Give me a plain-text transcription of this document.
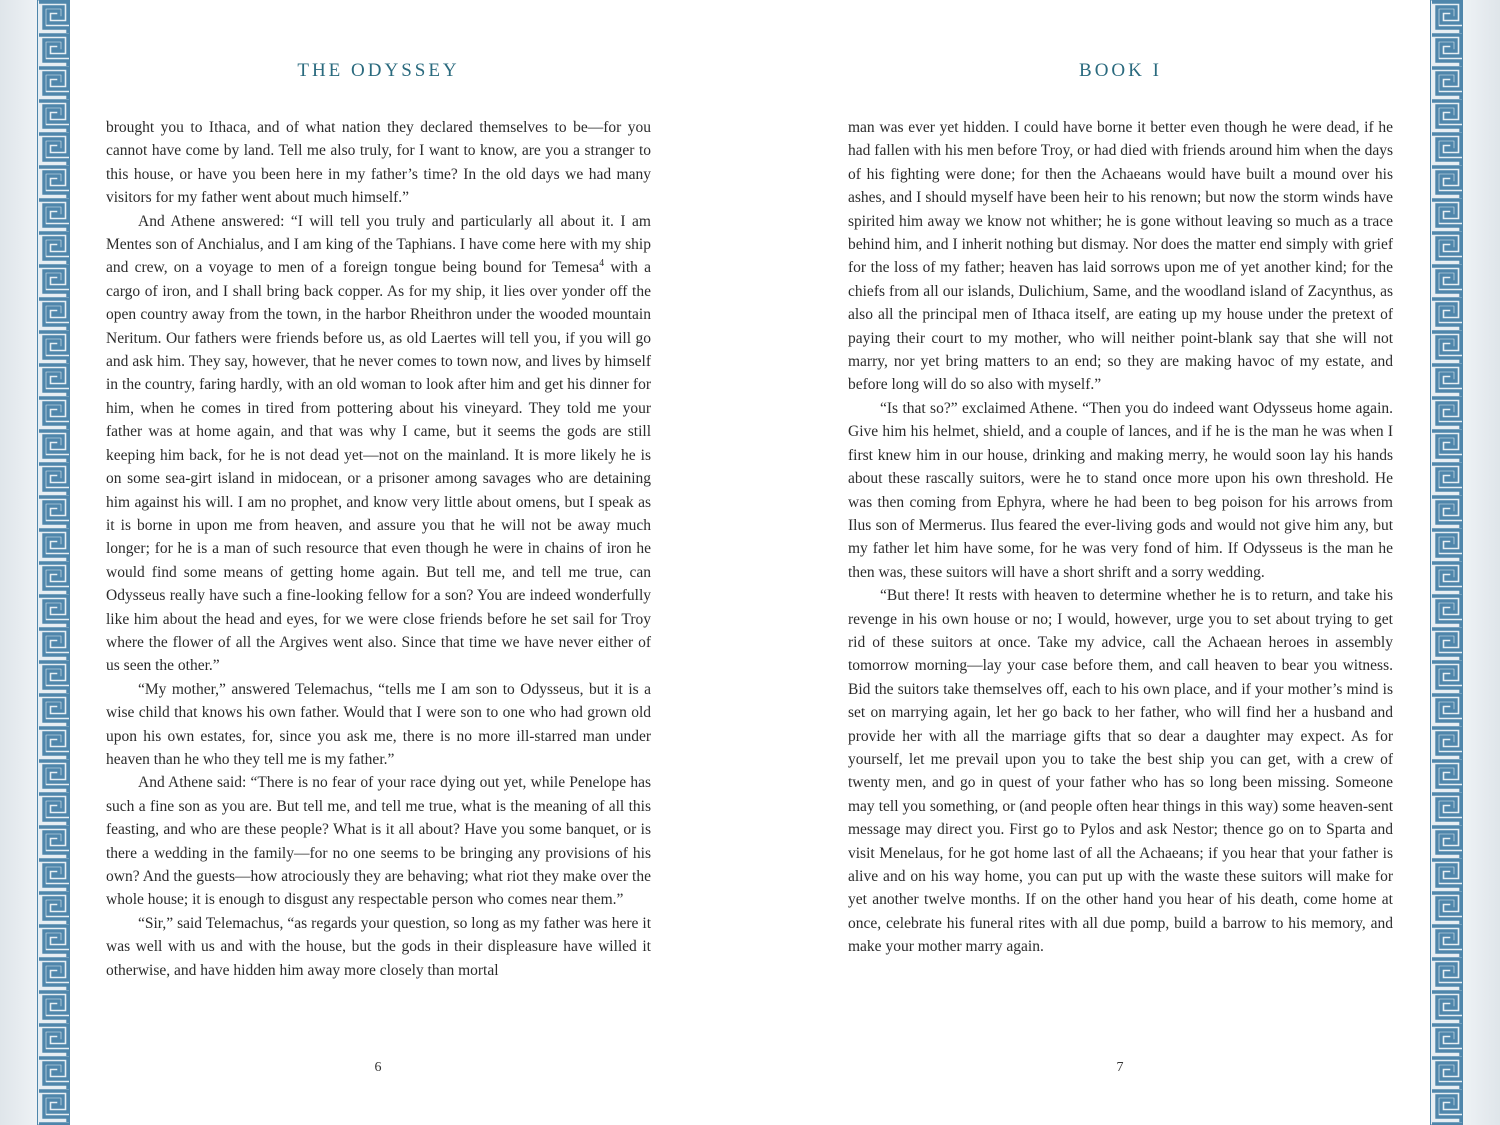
THE ODYSSEY	BOOK I

brought you to Ithaca, and of what nation they declared themselves to be—for you cannot have come by land. Tell me also truly, for I want to know, are you a stranger to this house, or have you been here in my father’s time? In the old days we had many visitors for my father went about much himself.”

And Athene answered: “I will tell you truly and particularly all about it. I am Mentes son of Anchialus, and I am king of the Taphians. I have come here with my ship and crew, on a voyage to men of a foreign tongue being bound for Temesa$^4$ with a cargo of iron, and I shall bring back copper. As for my ship, it lies over yonder off the open country away from the town, in the harbor Rheithron under the wooded mountain Neritum. Our fathers were friends before us, as old Laertes will tell you, if you will go and ask him. They say, however, that he never comes to town now, and lives by himself in the country, faring hardly, with an old woman to look after him and get his dinner for him, when he comes in tired from pottering about his vineyard. They told me your father was at home again, and that was why I came, but it seems the gods are still keeping him back, for he is not dead yet—not on the mainland. It is more likely he is on some sea-girt island in midocean, or a prisoner among savages who are detaining him against his will. I am no prophet, and know very little about omens, but I speak as it is borne in upon me from heaven, and assure you that he will not be away much longer; for he is a man of such resource that even though he were in chains of iron he would find some means of getting home again. But tell me, and tell me true, can Odysseus really have such a fine-looking fellow for a son? You are indeed wonderfully like him about the head and eyes, for we were close friends before he set sail for Troy where the flower of all the Argives went also. Since that time we have never either of us seen the other.”

“My mother,” answered Telemachus, “tells me I am son to Odysseus, but it is a wise child that knows his own father. Would that I were son to one who had grown old upon his own estates, for, since you ask me, there is no more ill-starred man under heaven than he who they tell me is my father.”

And Athene said: “There is no fear of your race dying out yet, while Penelope has such a fine son as you are. But tell me, and tell me true, what is the meaning of all this feasting, and who are these people? What is it all about? Have you some banquet, or is there a wedding in the family—for no one seems to be bringing any provisions of his own? And the guests—how atrociously they are behaving; what riot they make over the whole house; it is enough to disgust any respectable person who comes near them.”

“Sir,” said Telemachus, “as regards your question, so long as my father was here it was well with us and with the house, but the gods in their displeasure have willed it otherwise, and have hidden him away more closely than mortal

man was ever yet hidden. I could have borne it better even though he were dead, if he had fallen with his men before Troy, or had died with friends around him when the days of his fighting were done; for then the Achaeans would have built a mound over his ashes, and I should myself have been heir to his renown; but now the storm winds have spirited him away we know not whither; he is gone without leaving so much as a trace behind him, and I inherit nothing but dismay. Nor does the matter end simply with grief for the loss of my father; heaven has laid sorrows upon me of yet another kind; for the chiefs from all our islands, Dulichium, Same, and the woodland island of Zacynthus, as also all the principal men of Ithaca itself, are eating up my house under the pretext of paying their court to my mother, who will neither point-blank say that she will not marry, nor yet bring matters to an end; so they are making havoc of my estate, and before long will do so also with myself.”

“Is that so?” exclaimed Athene. “Then you do indeed want Odysseus home again. Give him his helmet, shield, and a couple of lances, and if he is the man he was when I first knew him in our house, drinking and making merry, he would soon lay his hands about these rascally suitors, were he to stand once more upon his own threshold. He was then coming from Ephyra, where he had been to beg poison for his arrows from Ilus son of Mermerus. Ilus feared the ever-living gods and would not give him any, but my father let him have some, for he was very fond of him. If Odysseus is the man he then was, these suitors will have a short shrift and a sorry wedding.

“But there! It rests with heaven to determine whether he is to return, and take his revenge in his own house or no; I would, however, urge you to set about trying to get rid of these suitors at once. Take my advice, call the Achaean heroes in assembly tomorrow morning—lay your case before them, and call heaven to bear you witness. Bid the suitors take themselves off, each to his own place, and if your mother’s mind is set on marrying again, let her go back to her father, who will find her a husband and provide her with all the marriage gifts that so dear a daughter may expect. As for yourself, let me prevail upon you to take the best ship you can get, with a crew of twenty men, and go in quest of your father who has so long been missing. Someone may tell you something, or (and people often hear things in this way) some heaven-sent message may direct you. First go to Pylos and ask Nestor; thence go on to Sparta and visit Menelaus, for he got home last of all the Achaeans; if you hear that your father is alive and on his way home, you can put up with the waste these suitors will make for yet another twelve months. If on the other hand you hear of his death, come home at once, celebrate his funeral rites with all due pomp, build a barrow to his memory, and make your mother marry again.

6	7
